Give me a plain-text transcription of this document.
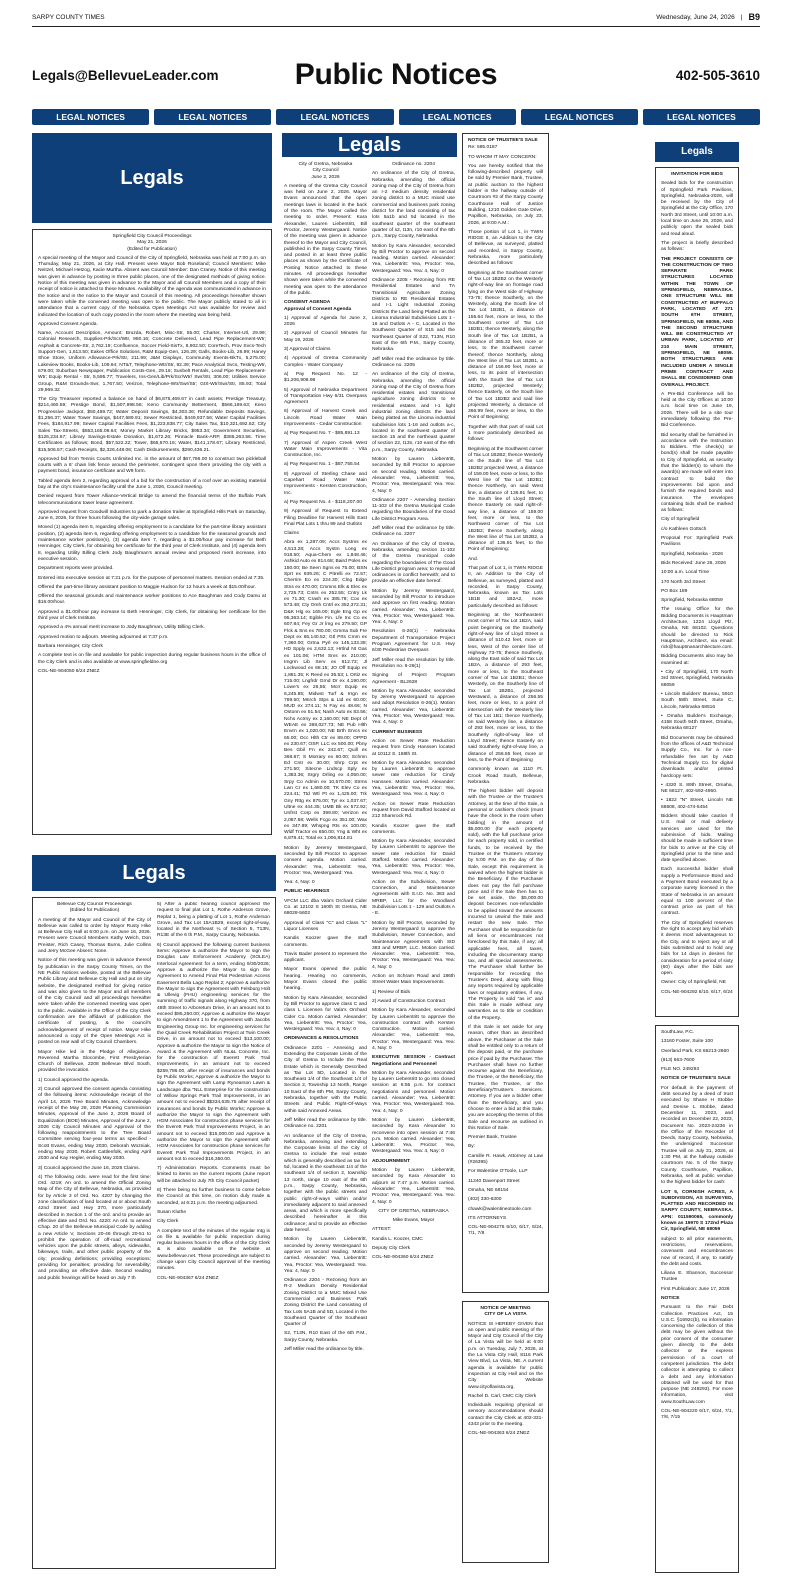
SARPY COUNTY TIMES	Wednesday, June 24, 2026 | B9
Legals@BellevueLeader.com	Public Notices	402-505-3610
LEGAL NOTICES	LEGAL NOTICES	LEGAL NOTICES	LEGAL NOTICES	LEGAL NOTICES	LEGAL NOTICES
Legals
Legals

Springfield City Council Proceedings

May 21, 2026

(Edited for Publication)

A special meeting of the Mayor and Council of the City of Springfield, Nebraska was held at 7:00 p.m. on Thursday, May 21, 2026, at City Hall. Present were Mayor Bob Roseland; Council Members: Mike Neitzel, Michael Hetzog, Kacie Murtha. Absent was Council Member: Dan Craney. Notice of this meeting was given in advance by posting in three public places, one of the designated methods of giving notice. Notice of this meeting was given in advance to the Mayor and all Council Members and a copy of their receipt of notice is attached to these Minutes. Availability of the agenda was communicated in advance in the notice and in the notice to the Mayor and Council of this meeting. All proceedings hereafter shown were taken while the convened meeting was open to the public. The Mayor publicly stated to all in attendance that a current copy of the Nebraska Open Meetings Act was available for review and indicated the location of such copy posted in the room where the meeting was being held.

Approved Consent Agenda.

Name, Account Description, Amount: Bruzda, Robert, Misc-Str, 55.00; Charter, Internet-Utl, 29.99; Colonial Research, Supplies-Prk/Scr/Wtr, 980.16; Concrete Delivered, Lead Pipe Replacement-Wtr; Asphalt & Concrete-Str, 2,762.19; Confluence, Soccer Field-SisTx, 8,902.50; CoreTech, Prov Svcs-Tech Support-Gen, 1,613.50; Eakes Office Solutions, R&M Equip-Gen, 126.29; Galls, Books-Lib, 26.99; Haney Shoe Store, Uniform Allowance-Prk/Str, 211.99; J&M Displays, Community Events-BkTx, 5,275.00; Lakeview Books, Books-Lib, 109.94; NT&T, Telephone-Wtr/Str, 92.39; Pace Analytical Svcs, Testing-Wtr, 679.00; Suburban Newspaper, Publication Costs-Gen, 29.16; Sunbelt Rentals, Lead Pipe Replacement-Wtr; Equip Rental - Str, 5,595.77; Travelers, Ins-Gen/Lib/Prk/Scr/Wtr/ Swr/Str, 306.00; Utilities Service Group, R&M Grounds-Swr, 1,767.50; Verizon, Telephone-Wtr/Swr/Str; GIS-Wtr/Swr/Str, 85.93; Total 29,969.32

The City Treasurer reported a balance on hand of $6,876,469.67 in cash assets; Prestige Treasury, $214,460.59; Prestige Bond, $1,507,998.56; Keno Community Betterment, $566,169.63; Keno Progressive Jackpot, $50,469.72; Water Deposit Savings, $4,303.36; Refundable Deposits Savings, $1,256.37; Water Tower Savings, $447,689.91; Sewer Restricted, $449,937.56; Water Capital Facilities Fees, $184,917.99; Sewer Capital Facilities Fees, $1,223,838.77; City Sales Tax, $10,321,692.62; City Sales Tax-Streets, $553,165.09.64; Money Market Library Bricks, $953.34; Government Securities, $126,234.67; Library Savings-Estate Donation, $1,672.26; Pinnacle Bank-ARP, $386,263.56. Time Certificates as follows; Bond, $57,522.22; Tower, $65,570.16; Water, $141,178.67; Library Restricted, $15,506.57; Cash Receipts, $2,326,448.06; Cash Disbursements, $290,436.21.

Approved bid from Tennis Courts Unlimited Inc. in the amount of $67,786.00 to construct two pickleball courts with a 6' chain link fence around the perimeter, contingent upon them providing the city with a payment bond, insurance certificate and W9 form.

Tabled agenda item 2, regarding approval of a bid for the construction of a roof over an existing material bay at the city's maintenance facility until the June 1, 2026, Council meeting.

Denied request from Tower Alliance-Vertical Bridge to amend the financial terms of the Buffalo Park telecommunications tower lease agreement.

Approved request from Goodwill Industries to park a donation trailer at Springfield Hills Park on Saturday, June 6, 2026, for three hours following the city-wide garage sales.

Moved (1) agenda item 5, regarding offering employment to a candidate for the part-time library assistant position, (2) agenda item 6, regarding offering employment to a candidate for the seasonal grounds and maintenance worker position(s), (3) agenda item 7, regarding a $1.00/hour pay increase for Beth Henninger, City Clerk, for obtaining her certificate for the third year of Clerk Institute, and (4) agenda item 8, regarding Utility Billing Clerk Jody Baughman's annual review and proposed merit increase, into executive session.

Department reports were provided.

Entered into executive session at 7:21 p.m. for the purpose of personnel matters. Session ended at 7:35.

Offered the part-time library assistant position to Maggie Hudson for 12 hours a week at $15.00/hour.

Offered the seasonal grounds and maintenance worker positions to Ace Baughman and Cody Damu at $16.00/hour.

Approved a $1.00/hour pay increase to Beth Henninger, City Clerk, for obtaining her certificate for the third year of Clerk Institute.

Approved a 4% annual merit increase to Jody Baughman, Utility Billing Clerk.

Approved motion to adjourn. Meeting adjourned at 7:37 p.m.

Barbara Henninger, City Clerk

A complete text is on file and available for public inspection during regular business hours in the office of the City Clerk and is also available at www.springfieldne.org

COL-NE-904050 6/24 ZNEZ

Legals

Bellevue City Council Proceedings

(Edited for Publication)

A meeting of the Mayor and Council of the City of Bellevue was called to order by Mayor Rusty Hike at Bellevue City Hall at 6:00 p.m. on June 16, 2026. Present were Council Members Kathy Welch, Don Preister, Rich Casey, Thomas Burns, Julie Collins and Jerry McGee Absent: None.

Notice of this meeting was given in advance thereof by publication in the Sarpy County Times, on the NE Public Notices website, posted at the Bellevue Public Library and Bellevue City Hall and put on city website, the designated method for giving notice and was also given to the Mayor and all members of the City Council and all proceedings hereafter were taken while the convened meeting was open to the public. Available in the Office of the City Clerk confirmation are the affidavit of publication the certificate of posting, & the council's acknowledgement of receipt of notice. Mayor Hike announced a copy of the Open Meetings Act is posted on rear wall of City Council Chambers.

Mayor Hike led in the Pledge of Allegiance. Reverend Martha Slocombe, First Presbyterian Church of Bellevue, 2208 Bellevue Blvd South, provided the invocation.

1) Council approved the agenda.

2) Council approved the consent agenda consisting of the following items: Acknowledge receipt of the April 14, 2026 Tree Board Minutes, Acknowledge receipt of the May 28, 2026 Planning Commission Minutes, Approval of the June 2, 2026 Board of Equalization (BOE) Minutes, Approval of the June 2, 2026 City Council Minutes and Approval of the following reappointments to the Tree Board Committee serving four-year terms as specified - Scott Evans, ending May 2030, Deborah Wozniak, ending May 2030, Robert Cattlenfolk, ending April 2030 and Kay Hegler, ending May 2030.

3) Council approved the June 16, 2026 Claims.

4) The following ords. were read for the first time: Ord. 4219; An ord. to amend the Official Zoning Map of the City of Bellevue, Nebraska, as provided for by Article 3 of Ord. No. 4207 by changing the zone classification of land located at or about South 42nd Street and Hwy 370, more particularly described in Section 1 of the ord. and to provide an effective date and Ord. No. 4220: An ord. to amend Chap. 20 of the Bellevue Municipal Code by adding a new Article V, Sections 20-46 through 20-51 to prohibit the operation of off-road recreational vehicles upon the public streets, alleys, sidewalks, bikeways, trails, and other public property of the city; providing definitions; providing exceptions; providing for penalties; providing for severability; and providing an effective date. Second reading and public hearings will be heard on July 7 th

5) After a public hearing council approved the request to final plat Lot 1, Rothe Anderson Grove, Replat 1, being a platting of Lot 1, Rothe Anderson Grove, and Tax Lot 15A1B29, except right-of-way, located in the Northeast ¼ of Section 5, T13N, R13E of the 6 th P.M., Sarpy County, Nebraska.

6) Council approved the following current business items: Approve & authorize the Mayor to sign the Douglas Law Enforcement Academy (SOLEA) Interlocal Agreement for a term, ending 9/30/2026; Approve & authorize the Mayor to sign the Agreement to Amend Final Plat Pedestrian Access Easement Bella Lago Replat 2; Approve & authorize the Mayor to sign the Agreement with Felsburg Holt & Ullevig (FHU) engineering services for the summing of traffic signals along Highway 370, from 48th Street to Arboretum Drive, in an amount not to exceed $85,250.00; Approve & authorize the Mayor to sign Amendment 1 to the Agreement with Jacobs Engineering Group Inc. for engineering services for the Quail Creek Rehabilitation Project at Twin Creek Drive, in an amount not to exceed $13,100.00; Approve & authorize the Mayor to sign the Notice of Award & the Agreement with NL&L Concrete, Inc. for the construction of Everett Park Trail Improvements, in an amount not to exceed $259,786.00, after receipt of insurances and bonds by Public Works; Approve & authorize the Mayor to sign the Agreement with Lamp Rynearson Lawn & Landscape dba "NLL Enterprise for the construction of Willow Springs Park Trail Improvements, in an amount not to exceed $$334,635.75 after receipt of insurances and bonds by Public Works; Approve & authorize the Mayor to sign the Agreement with HGM Associates for construction phase services for the Everett Park Trail Improvements Project, in an amount not to exceed $15,000.00 and Approve & authorize the Mayor to sign the Agreement with HGM Associates for construction phase services for Everett Park Trail Improvements Project, in an amount not to exceed $16,350.00.

7) Administration Reports. Comments must be limited to items on the current reports (June report will be attached to July 7th City Council packet)

8) There being no further business to come before the Council at this time, on motion duly made & seconded, at 6:21 p.m. the meeting adjourned.

Susan Kluthe

City Clerk

A complete text of the minutes of the regular mtg is on file & available for public inspection during regular business hours in the office of the City Clerk & is also available on the website at www.bellevue.net. These proceedings are subject to change upon City Council approval of the meeting minutes.

COL-NE-904367 6/24 ZNEZ

City of Gretna, Nebraska

City Council

June 2, 2026

A meeting of the Gretna City Council was held on June 2, 2026. Mayor Evans announced that the open meetings laws is located in the back of the room. The Mayor called the meeting to order. Present: Kara Alexander, Lauren Liebentritt, Bill Proctor, Jeremy Westergaard. Notice of the meeting was given in advance thereof to the Mayor and City Council, published in the Sarpy County Times and posted in at least three public places as shown by the Certificate of Posting Notice attached to these minutes. All proceedings hereafter shown were taken while the convened meeting was open to the attendance of the public.

CONSENT AGENDA

Approval of Consent Agenda

1) Approval of Agenda for June 2, 2026

2) Approval of Council Minutes for May 19, 2026

3) Approval of Claims

4) Approval of Gretna Community Complex - Water Company

a) Pay Request No. 12 - $1,206,908.98

5) Approval of Nebraska Department of Transportation Hwy 6/31 Overpass Agreement

6) Approval of Harvest Creek and Lincoln Road Water Main Improvements - Cedar Construction

a) Pay Request No. 7 - $85,891.13

7) Approval of Aspen Creek West Water Main Improvements - Vita Construction, Inc.

a) Pay Request No. 1 - $87,755.54

8) Approval of Sterling Chase and Capehart Road Water Main Improvements - Kersten Construction, Inc.

a) Pay Request No. 4 - $118,207.00

9) Approval of Request to Extend Filing Deadline for Harvest Hills East Final Plat Lots 1 thru 99 and Outlots

Claims

Abra ex 1,287.09; Accs Systms ex 4,513.28; Accs Systm Long ex 918.50; Aqua-Chem ex 1,848.46; Ashkid Auto ex 814.68; Baird Poles ex 150.00; Be Seen Sgns ex 75.00; BSN Sprt ex 939.26; C Pitrelli ex 72.57; Cherrim Eo ex 224.30; Clng Edge Stns ex 470.00; Cmmns Elk & Elec ex 2,725.73; Cntrs ex 252.55; Cntry Lk ex 71.30; Crash ex 385.78; Cox ex 573.48; Cty Omh Cntrl ex 352,372.31; D&K Hlg ex 165.00; Egle Eng Gp ex 95,363.14; Egible Fin. Lfe Inc Co ex 607.84; Fey Gr Jr lmg ex 279.50; GP Flck & Sns ex 780.00; Grnma Sub Fre Dept ex 65,140.52; Gtl Prts Cmm ex 7,360.00; Grtna Pyrl ex 145,133.38; HD Spply ex 2,632.13; Hrtlnd Nt Gas ex 101.06; HTM Srvs ex 210.00; Imgrm Lib Serv ex 612.73; Jl Lockwood ex 68.15; JO Off Equip ex 1,881.35; K Reed ex 35.53; L Ortiz ex 715.00; Lngfrdr Grnd Dr ex 4,190.00; Lowe's ex 26,55; Mcrr Equip ex 6,245.85; Midwst Turf & Irrgn ex 789.50; Mnrch Stps & Ltd ex 60.00; MUD ex 274.11; N Fay ex 48.66; N Ostonn ex 51.54; Nash Auto ex 83.56; Nchs Actrny ex 2,160.00; NE Dept of WEAE ex 368,027.73; NE Pub Hlth Envrn ex 1,020.00; NE Brth Srvcs ex 65.00; Occ Hlth Ctr ex 89.00; OPPD ex 230.67; OSP, LLC ex 500.00; Pbny Bes Gbil Fn ex 242.67; Quill ex 368.87; S Morrary ex 60.00; Schmn Ed Cntr ex 30.00; Shrp Crpt ex 271.50; Sitecne Lndscp Sply ex 1,383.36; Srgry Drling ex 4,050.00; Srpy Co Admin ex 10,570.00; Strms Lwn Cr ex 1,680.00; TK Elev Co ex 224.41; Ttd Wtl Pt ex 1,425.00; Trk Gny Rttg ex 875.00; Tyr ex 1,037.67; Ultne ex 444.35; UMB Bk ex 572.92; Unfrst Corp ex 399.80; Verizon ex 2,087.58; Wells Fcgo ex 351.00; Wax ex 347.89; Whspng Rts ex 100.00; Wldf Tractor ex 650.00; Yng & Wht ex 6,878.41; Total ex 1,006,814.81

Motion by Jeremy Westergaard, seconded by Bill Proctor to approve consent agenda. Motion carried. Alexander: Yea, Liebentritt: Yea, Proctor: Yea, Westergaard: Yea.

Yea: 4, Nay: 0

PUBLIC HEARINGS

VFCM LLC dba Vala's Orchard Cider Co. at 12102 S 160th St Gretna, NE 68028-5602

Approval of Class "C" and Class "L" Liquor Licenses

Kandis Koozer gave the staff comments.

Travis Bader present to represent the applicant.

Mayor Evans opened the public hearing. Hearing no comments, Mayor Evans closed the public hearing.

Motion by Kara Alexander, seconded by Bill Proctor to approve class C and class L Licenses for Vala's Orchard Cider Co. Motion carried. Alexander: Yea, Liebentritt: Yea, Proctor: Yea, Westergaard: Yea. Yea: 4, Nay: 0

ORDINANCES & RESOLUTIONS

Ordinance 2201 - Annexing and Extending the Corporate Limits of the City of Gretna to Include the Real Estate which is Generally Described as Tax Lot 5D, Located in the Southeast 1/4 of the Southeast 1/4 of Section 2, Township 13 North, Range 10 East of the 6th PM, Sarpy County, Nebraska, together with the Public Streets and Public Right-Of-Ways within said Annexed Areas.

Jeff Miller read the ordinance by title. Ordinance no. 2201

An ordinance of the City of Gretna, Nebraska, annexing and extending the Corporate limits of the City of Gretna to include the real estate which is generally described as tax lot 5d, located in the southeast 1/4 of the southeast 1/4 of section 2, township 13 north, range 10 east of the 6th p.m., Sarpy County, Nebraska, together with the public streets and public right-of-ways within and/or immediately adjacent to said annexed areas, and which is more specifically described hereinafter in this ordinance; and to provide an effective date hereof.

Motion by Lauren Liebentritt, seconded by Jeremy Westergaard to approve on second reading. Motion carried. Alexander: Yea, Liebentritt: Yea, Proctor: Yea, Westergaard: Yea. Yea: 4, Nay: 0

Ordinance 2204 - Rezoning from an R-2 Medium Density Residential Zoning District to a MUC Mixed Use Commercial and Business Park Zoning District the Land consisting of Tax Lots 5A1B and 5D, Located in the Southeast Quarter of the Southeast Quarter of

S2, T13N, R10 East of the 6th P.M., Sarpy County, Nebraska.

Jeff Miller read the ordinance by title.

Ordinance no. 2204

An ordinance of the City of Gretna, Nebraska, amending the official zoning map of the City of Gretna from an r-2 medium density residential zoning district to a MUC mixed use commercial and business park zoning district for the land consisting of tax lots 5a1b and 5d located in the southeast quarter of the southeast quarter of s2, t13n, r10 east of the 6th p.m., Sarpy County, Nebraska.

Motion by Kara Alexander, seconded by Bill Proctor to approve on second reading. Motion carried. Alexander: Yea, Liebentritt: Yea, Proctor: Yea, Westergaard: Yea. Yea: 4, Nay: 0

Ordinance 2205 - Rezoning from RE Residential Estates and TA Transitional Agriculture Zoning Districts to RE Residential Estates and I-1 Light Industrial Zoning Districts the Land being Platted as the Linoma Industrial Subdivision Lots 1 - 16 and Outlots A - C, Located in the Southwest Quarter of S15 and the Northeast Quarter of S22, T13N, R10 East of the 6th P.M., Sarpy County, Nebraska.

Jeff Miller read the ordinance by title. Ordinance no. 2205

An ordinance of the City of Gretna, Nebraska, amending the official zoning map of the City of Gretna from residential estates and transitional agriculture zoning districts to re residential estates and I-1 light industrial zoning districts the land being platted as the Linoma industrial subdivision lots 1-16 and outlots a-c, located in the southwest quarter of section 15 and the northeast quarter of section 22, t13n, r10 east of the 6th p.m., Sarpy County, Nebraska.

Motion by Lauren Liebentritt, seconded by Bill Proctor to approve on second reading. Motion carried. Alexander: Yea, Liebentritt: Yea, Proctor: Yea, Westergaard: Yea. Yea: 4, Nay: 0

Ordinance 2207 - Amending Section 11-102 of the Gretna Municipal Code regarding the Boundaries of the Good Life District Program Area.

Jeff Miller read the ordinance by title. Ordinance no. 2207

An Ordinance of the City of Gretna, Nebraska, amending section 11-102 of the Gretna municipal code regarding the boundaries of The Good Life District program area; to repeal all ordinances in conflict herewith; and to provide an effective date hereof.

Motion by Jeremy Westergaard, seconded by Bill Proctor to introduce and approve on first reading. Motion carried. Alexander: Yea, Liebentritt: Yea, Proctor: Yea, Westergaard: Yea. Yea: 4, Nay: 0

Resolution 6-26(1) - Nebraska Department of Transportation Project Program Agreement for U.S. Hwy 6/30 Pedestrian Overpass

Jeff Miller read the resolution by title. Resolution no. 6-26(1)

Signing of Project Program Agreement - BL2628

Motion by Kara Alexander, seconded by Jeremy Westergaard to approve and adopt Resolution 6-26(1). Motion carried. Alexander: Yea, Liebentritt: Yea, Proctor: Yea, Westergaard: Yea. Yea: 4, Nay: 0

CURRENT BUSINESS

Action on Sewer Rate Reduction request from Cindy Hanssen located at 10112 S. 168th St.

Motion by Kara Alexander, seconded by Lauren Liebentritt to approve sewer rate reduction for Cindy Hanssen. Motion carried. Alexander: Yea, Liebentritt: Yea, Proctor: Yea, Westergaard: Yea. Yea: 4, Nay: 0

Action on Sewer Rate Reduction request from David Stafford located at 212 Shamrock Rd.

Kandis Koozer gave the staff comments.

Motion by Kara Alexander, seconded by Lauren Liebentritt to approve the sewer rate reduction for David Stafford. Motion carried. Alexander: Yea, Liebentritt: Yea, Proctor: Yea, Westergaard: Yea. Yea: 4, Nay: 0

Action on the Subdivision, Sewer Connection, and Maintenance Agreements with S.I.D. No. 383 and MRBP, LLC for the Woodland Subdivision Lots 1 - 129 and Outlots A - E.

Motion by Bill Proctor, seconded by Jeremy Westergaard to approve the Subdivision, Sewer Connection, and Maintenance Agreements with SID 383 and MRBP, LLC. Motion carried. Alexander: Yea, Liebentritt: Yea, Proctor: Yea, Westergaard: Yea. Yea: 4, Nay: 0

Action on Schram Road and 186th Street Water Main Improvements

1) Review of Bids

2) Award of Construction Contract

Motion by Kara Alexander, seconded by Lauren Liebentritt to approve the construction contract with Kersten Construction. Motion carried. Alexander: Yea, Liebentritt: Yea, Proctor: Yea, Westergaard: Yea. Yea: 4, Nay: 0

EXECUTIVE SESSION - Contract Negotiations and Personnel

Motion by Kara Alexander, seconded by Lauren Liebentritt to go into closed session at 6:55 p.m. for contract negotiations and personnel. Motion carried. Alexander: Yea, Liebentritt: Yea, Proctor: Yea, Westergaard: Yea. Yea: 4, Nay: 0

Motion by Lauren Liebentritt, seconded by Kara Alexander to reconvene into open session at 7:46 p.m. Motion carried. Alexander: Yea, Liebentritt: Yea, Proctor: Yea, Westergaard: Yea. Yea: 4, Nay: 0

ADJOURNMENT

Motion by Lauren Liebentritt, seconded by Kara Alexander to adjourn at 7:47 p.m. Motion carried. Alexander: Yea, Liebentritt: Yea, Proctor: Yea, Westergaard: Yea. Yea: 4, Nay: 0

CITY OF GRETNA, NEBRASKA

Mike Evans, Mayor

ATTEST:

Kandis L. Koozer, CMC

Deputy City Clerk

COL-NE-904360 6/24 ZNEZ

NOTICE OF TRUSTEE'S SALE

Re: 585.0187

TO WHOM IT MAY CONCERN:

You are hereby notified that the following-described property will be sold by Premier Bank, Trustee, at public auction to the highest bidder in the hallway outside of Courtroom #2 of the Sarpy County Courthouse Hall of Justice Building, 1210 Golden Gate Drive, Papillion, Nebraska, on July 23, 2026, at 9:00 A.M.:

Those portion of Lot 1, in TWIN RIDGE II, an Addition to the City of Bellevue, as surveyed, platted and recorded, in Sarpy County, Nebraska, more particularly described as follows:

Beginning at the Southeast corner of Tax Lot 1B2B2 on the Westerly right-of-way line on frontage road lying on the West side of Highway 73-75; thence Southerly, on the Westerly, along the South line of Tax Lot 1B2B1, a distance of 155.64 feet, more or less, to the Southwest corner of Tax Lot 1B2B1; thence Westerly, along the South line of Tax Lot 1B2B1, a distance of 365.32 feet, more or less, to the Southwest corner thereof; thence Northerly, along the West line of Tax Lot 1B2B1, a distance of 156.90 feet, more or less, to its point of intersection with the South line of Tax Lot 1B2B2, projected Westerly; thence Easterly, on the South line of Tax Lot 1B2B2 and said line projected Westerly, a distance of 366.99 feet, more or less, to the Point of Beginning;

Together with that part of said Lot 1 more particularly described as follows:

Beginning at the Southwest corner of Tax Lot 1B2B2; thence Westerly on the South line of Tax Lot 1B2B2 projected West, a distance of 159.00 feet, more or less, to the West line of Tax Lot 1B2B1; thence Northerly, on said West line, a distance of 136.91 feet, to the South line of Lloyd Street; thence Easterly on said right-of-way line, a distance of 159.00 feet, more or less, to the Northwest corner of Tax Lot 1B2B2; thence Southerly, along the West line of Tax Lot 1B2B2, a distance of 136.91 feet, to the Point of Beginning;

And.

That part of Lot 1, in TWIN RIDGE II, an Addition to the City of Bellevue, as surveyed, platted and recorded, in Sarpy County, Nebraska, known as Tax Lots 1B1B and 1B2A2, more particularly described as follows:

Beginning at the Northeastern most corner of Tax Lot 1B2A, said point beginning on the Southerly right-of-way line of Lloyd Street a distance of 510.42 feet, more or less, West of the center line of Highway 73-75; thence Southerly, along the East side of said Tax Lot 1B2A, a distance of 293 feet, more or less, to the Southeast corner of Tax Lot 1B2B1; thence Westerly, on the Southerly line of Tax Lot 1B2B1, projected Westward, a distance of 256.55 feet, more or less, to a point of intersection with the Westerly line of Tax Lot 1B1; thence Northerly, on said Westerly line, a distance of 293 feet, more or less, to the Southerly right-of-way line of Lloyd Street; thence Easterly on said Southerly right-of-way line, a distance of 256.55 feet, more or less, to the Point of Beginning

commonly known as 1110 Ft. Crook Road South, Bellevue, Nebraska.

The highest bidder will deposit with the Trustee or the Trustee's Attorney, at the time of the Sale, a personal or cashier's check (must have the check in the room when bidding) in the amount of $5,000.00 (for each property sold), with the full purchase price for each property sold, in certified funds, to be received by the Trustee or the Trustee's Attorney by 5:00 P.M. on the day of the Sale, except this requirement is waived when the highest bidder is the Beneficiary. If the Purchaser does not pay the full purchase price and if the Sale then has to be set aside, the $5,000.00 deposit becomes non-refundable to be applied toward the amounts incurred to unwind the Sale and restart the new Sale. The Purchaser shall be responsible for all liens or encumbrances not foreclosed by this Sale, if any; all applicable fees, all taxes, including the documentary stamp tax, and all special assessments. The Purchaser shall further be responsible for recording the Trustee's Deed, along with filing any reports required by applicable laws or regulatory entities, if any. The Property is sold "as is" and this Sale is made without any warranties as to title or condition of the Property.

If this Sale is set aside for any reason, other than as described above, the Purchaser at the Sale shall be entitled only to a return of the deposit paid, or the purchase price if paid by the Purchaser. The Purchaser shall have no further recourse against the Beneficiary, the Trustee, or the Beneficiary, the Trustee, the Trustee, or the Beneficiary/Trustee's Servicers. Attorney. If you are a bidder other than the Beneficiary, and you choose to enter a bid at this Sale, you are accepting the terms of this Sale and recourse as outlined in this Notice of Sale.

Premier Bank, Trustee

By:

Camille R. Hawk, Attorney at Law (#26395)

For Walentine O'Toole, LLP

11240 Davenport Street

Omaha, NE 68154

(402) 330-6300

chawk@walentineotoole.com

ITS ATTORNEYS

COL-NE-904276 6/10, 6/17, 6/24, 7/1, 7/8

NOTICE OF MEETING

CITY OF LA VISTA

NOTICE IS HEREBY GIVEN that an open and public meeting of the Mayor and City Council of the City of La Vista will be held at 6:00 p.m. on Tuesday, July 7, 2026, at the La Vista City Hall, 8116 Park View Blvd, La Vista, NE. A current agenda is available for public inspection at City Hall and on the City Website www.cityoflavista.org.

Rachel D. Carl, CMC City Clerk

Individuals requiring physical or sensory accommodations should contact the City Clerk at 402-331-4343 prior to the meeting.

COL-NE-904363 6/24 ZNEZ

Legals

INVITATION FOR BIDS

Sealed bids for the construction of Springfield Park Pavilions, Springfield, Nebraska-2026, will be received by the City of Springfield at the City Office, 170 North 3rd Street, until 10:00 a.m. local time on June 26, 2026, and publicly open the sealed bids and read aloud.

The project is briefly described as follows:

THE PROJECT CONSISTS OF THE CONSTRUCTION OF TWO SEPARATE PARK STRUCTURES LOCATED WITHIN THE TOWN OF SPRINGFIELD, NEBRASKA. ONE STRUCTURE WILL BE CONSTRUCTED AT BUFFALO PARK, LOCATED AT 271 SOUTH 6TH STREET, SPRINGFIELD, NE 68059, AND THE SECOND STRUCTURE WILL BE CONSTRUCTED AT URBAN PARK, LOCATED AT 210 MAIN STREET, SPRINGFIELD, NE 68059. BOTH STRUCTURES ARE INCLUDED UNDER A SINGLE PRIME CONTRACT AND SHALL BE CONSIDERED ONE OVERALL PROJECT.

A Pre-Bid Conference will be held at the City Offices at 10:00 a.m. local time on June 19, 2026. There will be a site tour immediately following the Pre-Bid Conference.

Bid security shall be furnished in accordance with the Instruction to Bidders. The check(s) or bond(s) shall be made payable to City of Springfield, as security that the bidder(s) to whom the award(s) are made will enter into contract to build the improvements bid upon and furnish the required bonds and insurance. The envelopes containing bids shall be marked as follows:

City of Springfield

c/o Kathleen Gottsch

Proposal For: Springfield Park Pavilions

Springfield, Nebraska - 2026

Bids Received: June 26, 2026

10:00 a.m. Local Time

170 North 3rd Street

PO Box 189

Springfield, Nebraska 68059

The Issuing Office for the Bidding Documents is Hauptman Architecture, 1224 Lloyd Plz, Omaha, NE 68102. Questions should be directed to Rick Hauptman, Architect, via email: rick@hauptmanarchitecture.com.

Bidding Documents also may be examined at:

• City of Springfield, 170 North 3rd Street, Springfield, Nebraska 68059

• Lincoln Builders' Bureau, 5910 South 58th Street, Suite C, Lincoln, Nebraska 68516

• Omaha Builder's Exchange, 4158 South 94th Street, Omaha, Nebraska 68127

Bid Documents may be obtained from the offices of A&D Technical Supply Co., Inc. for a non-refundable fee set by A&D Technical Supply Co. for digital downloads and/or printed hardcopy sets:

• 4320 S. 89th Street, Omaha, NE 68127, 402-592-4950.

• 1822 "N" Street, Lincoln NE 68508, 402-474-5454

Bidders should take caution if U.S. mail or mail delivery services are used for the submission of bids. Mailing should be made in sufficient time for bids to arrive at the City of Springfield prior to the time and date specified above.

Each successful bidder shall supply a Performance Bond and a Payment Bond executed by a corporate surety licensed in the State of Nebraska in an amount equal to 100 percent of the contract price as part of his contract.

The City of Springfield reserves the right to accept any bid which it deems most advantageous to the City, and to reject any or all bids submitted and to hold any bids for 14 days in desires for consideration for a period of sixty (60) days after the bids are open.

Owner: City of Springfield, NE

COL-NE-904292 6/10, 6/17, 6/24

SouthLaw, P.C.

13160 Foster, Suite 100

Overland Park, KS 66213-2660

(913) 663-7600

FILE NO. 249293

NOTICE OF TRUSTEE'S SALE

For default in the payment of debt secured by a deed of trust executed by Shane H Stobbe and Denise L Stobbe, dated December 11, 2023, and recorded on December 22, 2023, Document No. 2023-24236 in the Office of the Recorder of Deeds, Sarpy County, Nebraska, the undersigned Successor Trustee will on July 31, 2026, at 1:30 PM, at the hallway outside courtroom No. 5 of the Sarpy County Courthouse, Papillion, Nebraska, sell at public vendue to the highest bidder for cash:

LOT 5, CORNISH ACRES, A SUBDIVISION, AS SURVEYED, PLATTED AND RECORDED IN SARPY COUNTY, NEBRASKA. APN: 011590065, commonly known as 19970 S 172nd Plaza Cir, Springfield, NE 68059

subject to all prior easements, restrictions, reservations, covenants and encumbrances now of record, if any, to satisfy the debt and costs.

Liliana E. Shannon, Successor Trustee

First Publication: June 17, 2026

NOTICE

Pursuant to the Fair Debt Collection Practices Act, 15 U.S.C. §1692c(b), no information concerning the collection of this debt may be given without the prior consent of the consumer given directly to the debt collector or the express permission of a court of competent jurisdiction. The debt collector is attempting to collect a debt and any information obtained will be used for that purpose (NE 249293). For more information, visit www.SouthLaw.com

COL-NE-904220 6/17, 6/24, 7/1, 7/8, 7/15
